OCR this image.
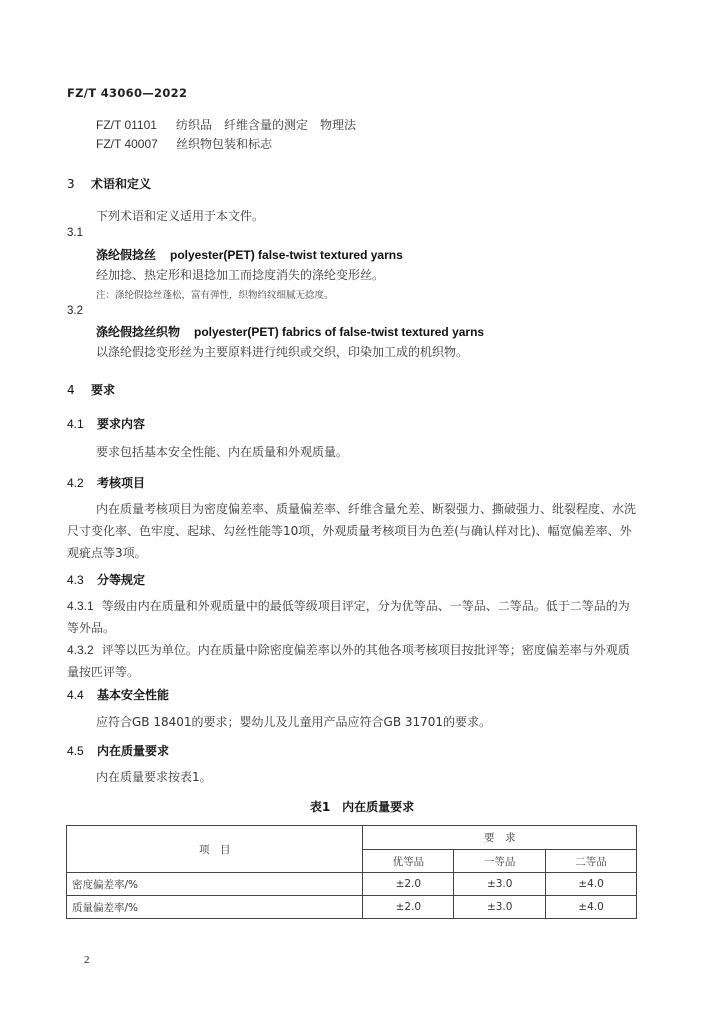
FZ/T 43060—2022
FZ/T 01101 纺织品　纤维含量的测定　物理法
FZ/T 40007 丝织物包装和标志
3 术语和定义
下列术语和定义适用于本文件。
3.1
涤纶假捻丝 polyester(PET) false-twist textured yarns
经加捻、热定形和退捻加工而捻度消失的涤纶变形丝。
注：涤纶假捻丝蓬松，富有弹性，织物绉纹细腻无捻度。
3.2
涤纶假捻丝织物 polyester(PET) fabrics of false-twist textured yarns
以涤纶假捻变形丝为主要原料进行纯织或交织，印染加工成的机织物。
4 要求
4.1 要求内容
要求包括基本安全性能、内在质量和外观质量。
4.2 考核项目
内在质量考核项目为密度偏差率、质量偏差率、纤维含量允差、断裂强力、撕破强力、纰裂程度、水洗尺寸变化率、色牢度、起球、勾丝性能等10项，外观质量考核项目为色差(与确认样对比)、幅宽偏差率、外观疵点等3项。
4.3 分等规定
4.3.1 等级由内在质量和外观质量中的最低等级项目评定，分为优等品、一等品、二等品。低于二等品的为等外品。
4.3.2 评等以匹为单位。内在质量中除密度偏差率以外的其他各项考核项目按批评等；密度偏差率与外观质量按匹评等。
4.4 基本安全性能
应符合GB 18401的要求；婴幼儿及儿童用产品应符合GB 31701的要求。
4.5 内在质量要求
内在质量要求按表1。
表1 内在质量要求
项　目	要　求		
	优等品	一等品	二等品
密度偏差率/%	±2.0	±3.0	±4.0
质量偏差率/%	±2.0	±3.0	±4.0
2
